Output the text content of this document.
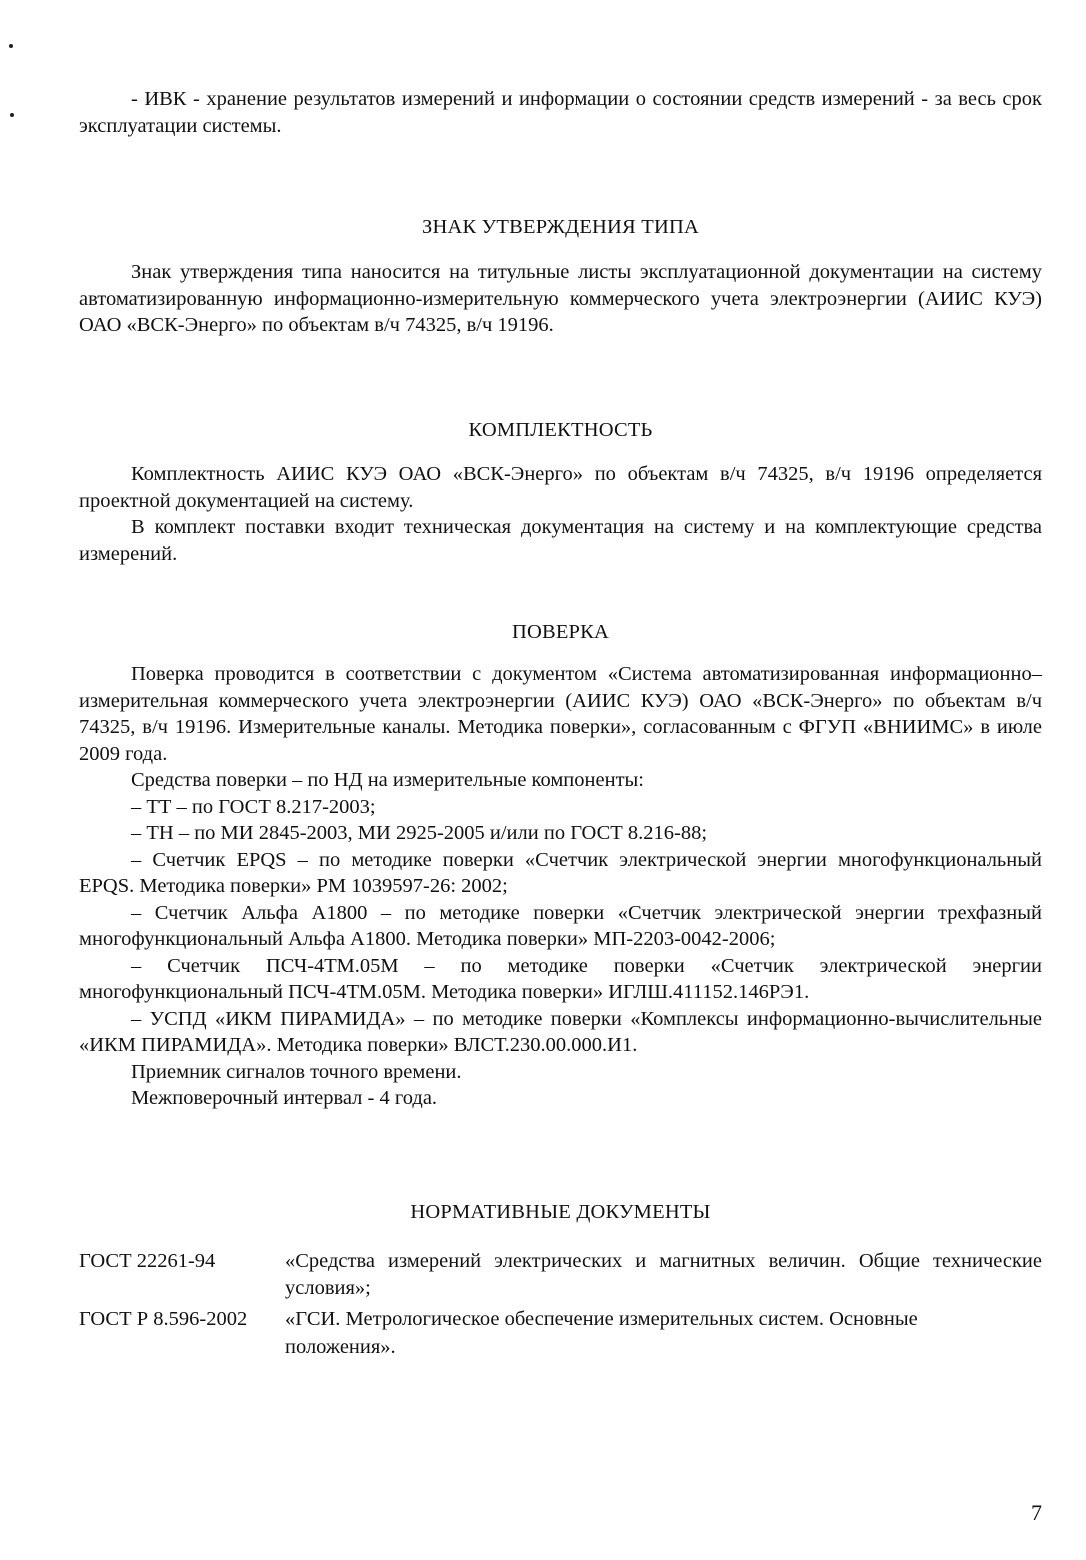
- ИВК - хранение результатов измерений и информации о состоянии средств измерений - за весь срок эксплуатации системы.

ЗНАК УТВЕРЖДЕНИЯ ТИПА

Знак утверждения типа наносится на титульные листы эксплуатационной документации на систему автоматизированную информационно-измерительную коммерческого учета электроэнергии (АИИС КУЭ) ОАО «ВСК-Энерго» по объектам в/ч 74325, в/ч 19196.

КОМПЛЕКТНОСТЬ

Комплектность АИИС КУЭ ОАО «ВСК-Энерго» по объектам в/ч 74325, в/ч 19196 определяется проектной документацией на систему.

В комплект поставки входит техническая документация на систему и на комплектующие средства измерений.

ПОВЕРКА

Поверка проводится в соответствии с документом «Система автоматизированная информационно–измерительная коммерческого учета электроэнергии (АИИС КУЭ) ОАО «ВСК-Энерго» по объектам в/ч 74325, в/ч 19196. Измерительные каналы. Методика поверки», согласованным с ФГУП «ВНИИМС» в июле 2009 года.

Средства поверки – по НД на измерительные компоненты:

– ТТ – по ГОСТ 8.217-2003;

– ТН – по МИ 2845-2003, МИ 2925-2005 и/или по ГОСТ 8.216-88;

– Счетчик EPQS – по методике поверки «Счетчик электрической энергии многофункциональный EPQS. Методика поверки» РМ 1039597-26: 2002;

– Счетчик Альфа А1800 – по методике поверки «Счетчик электрической энергии трехфазный многофункциональный Альфа А1800. Методика поверки» МП-2203-0042-2006;

– Счетчик ПСЧ-4ТМ.05М – по методике поверки «Счетчик электрической энергии многофункциональный ПСЧ-4ТМ.05М. Методика поверки» ИГЛШ.411152.146РЭ1.

– УСПД «ИКМ ПИРАМИДА» – по методике поверки «Комплексы информационно-вычислительные «ИКМ ПИРАМИДА». Методика поверки» ВЛСТ.230.00.000.И1.

Приемник сигналов точного времени.

Межповерочный интервал - 4 года.

НОРМАТИВНЫЕ ДОКУМЕНТЫ
ГОСТ 22261-94	«Средства измерений электрических и магнитных величин. Общие технические условия»;
ГОСТ Р 8.596-2002	«ГСИ. Метрологическое обеспечение измерительных систем. Основные положения».
7
